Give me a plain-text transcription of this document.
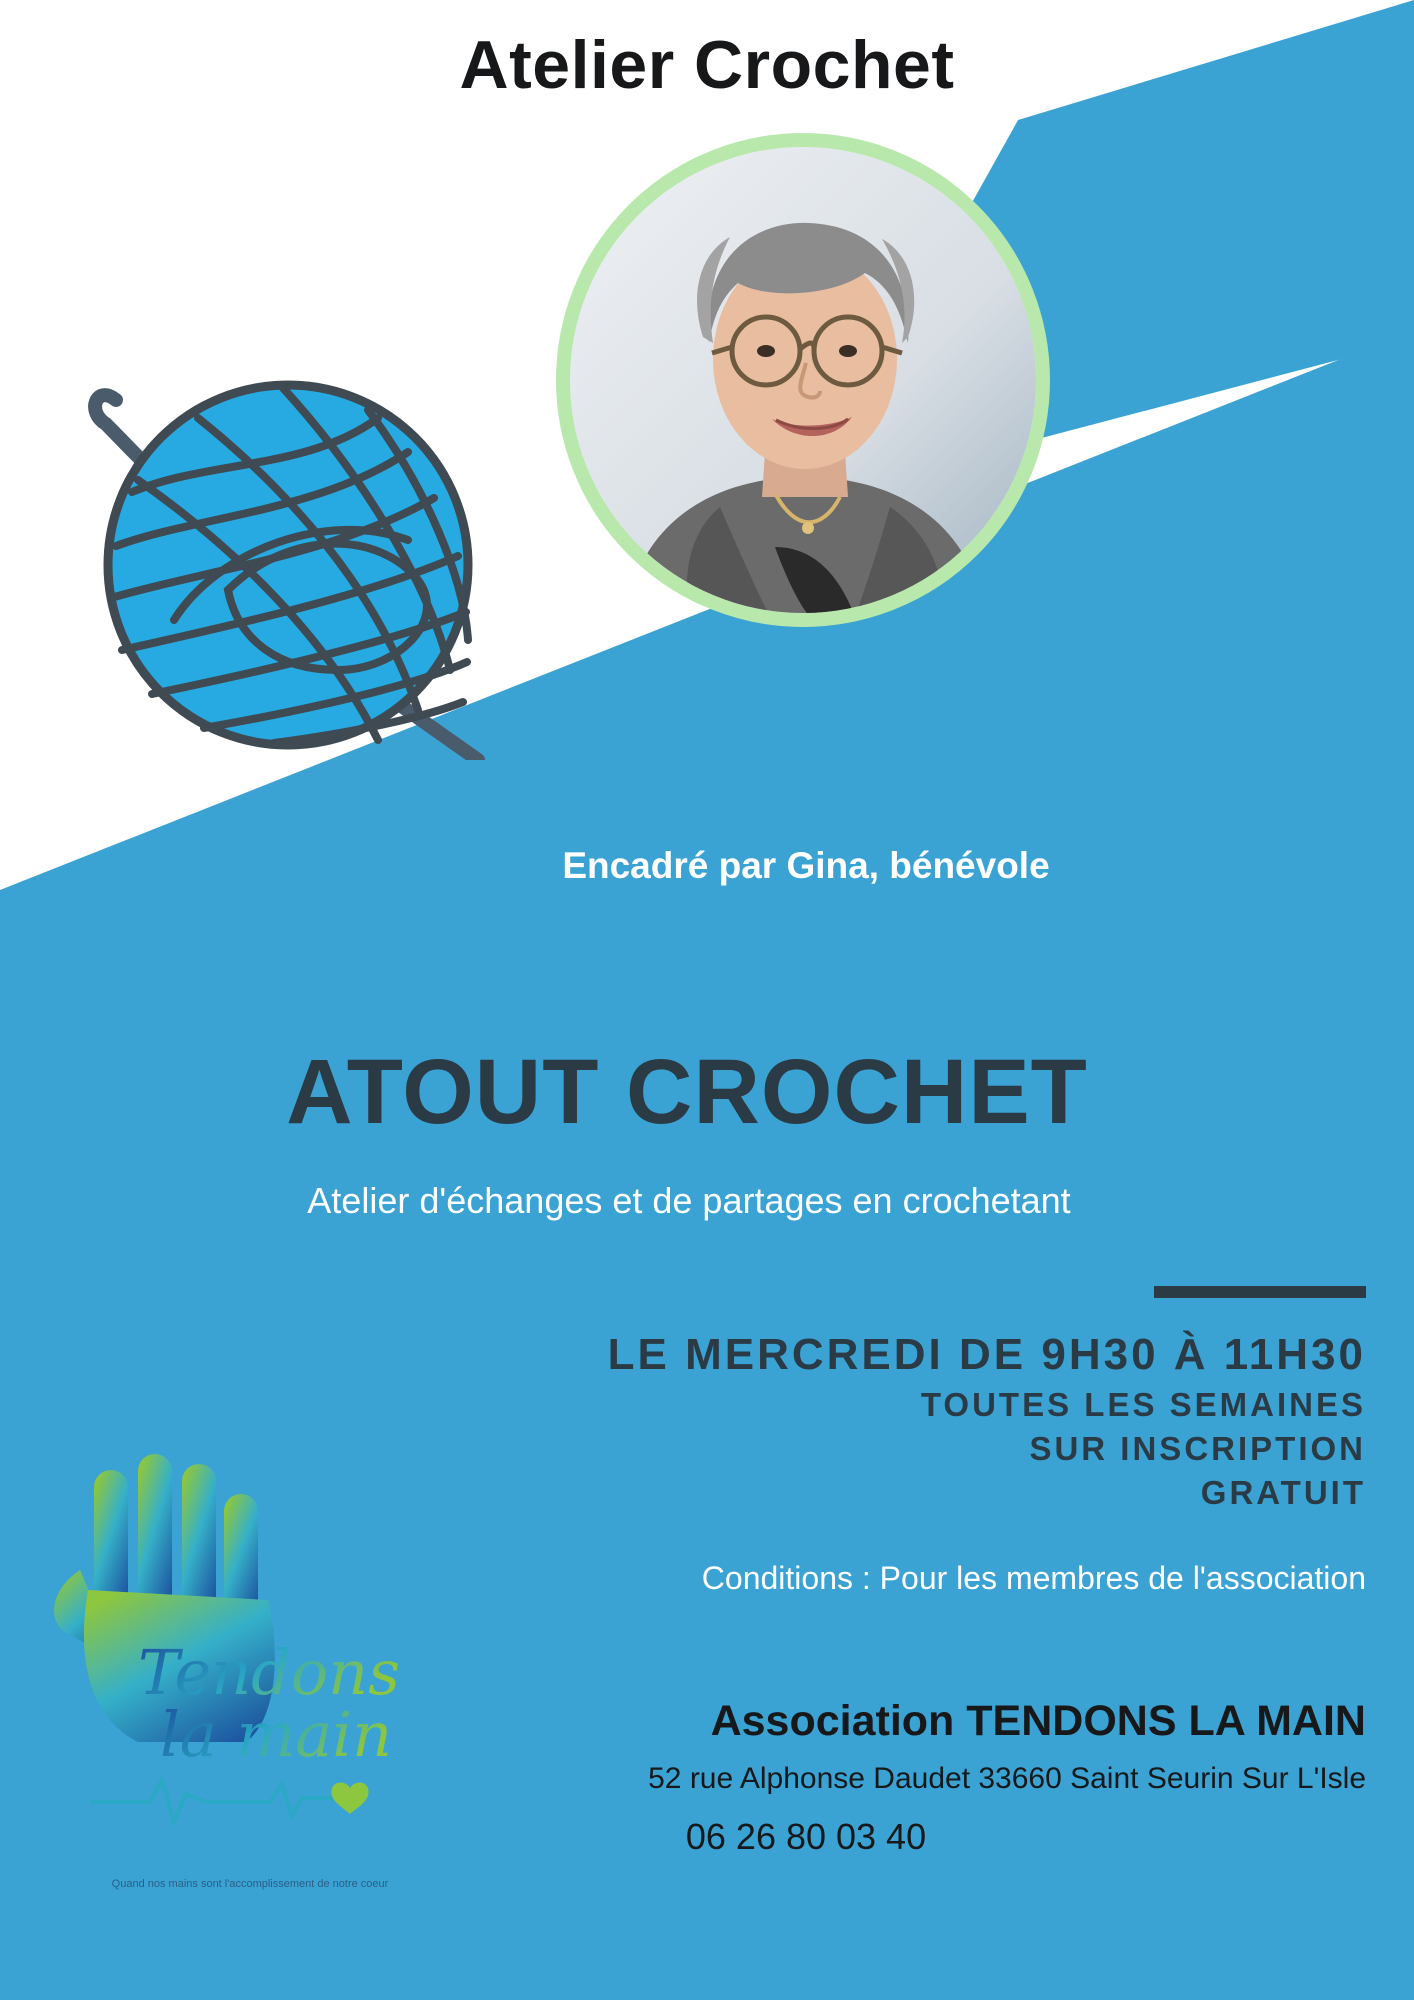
Atelier Crochet
Encadré par Gina, bénévole
ATOUT CROCHET
Atelier d'échanges et de partages en crochetant
LE MERCREDI DE 9H30 À 11H30
TOUTES LES SEMAINES
SUR INSCRIPTION
GRATUIT
Conditions : Pour les membres de l'association
Association TENDONS LA MAIN
52 rue Alphonse Daudet 33660 Saint Seurin Sur L'Isle
06 26 80 03 40
Tendons
la main
Quand nos mains sont l'accomplissement de notre coeur
